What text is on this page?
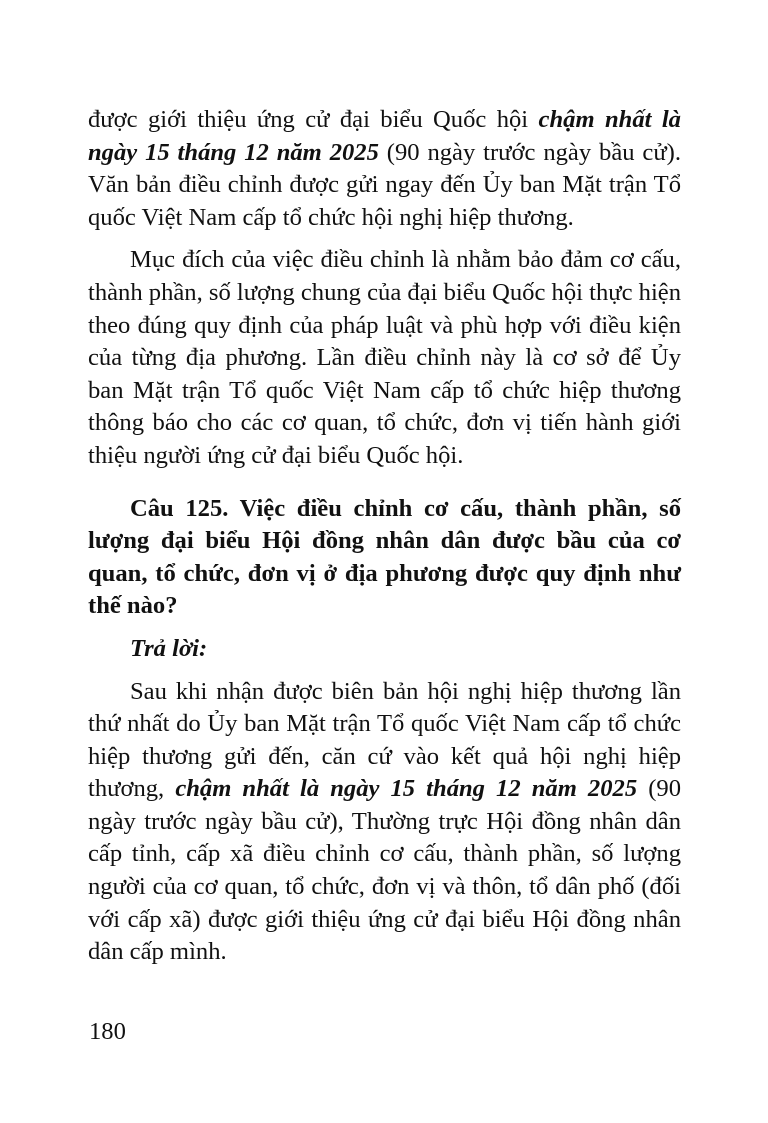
được giới thiệu ứng cử đại biểu Quốc hội chậm nhất là ngày 15 tháng 12 năm 2025 (90 ngày trước ngày bầu cử). Văn bản điều chỉnh được gửi ngay đến Ủy ban Mặt trận Tổ quốc Việt Nam cấp tổ chức hội nghị hiệp thương.

Mục đích của việc điều chỉnh là nhằm bảo đảm cơ cấu, thành phần, số lượng chung của đại biểu Quốc hội thực hiện theo đúng quy định của pháp luật và phù hợp với điều kiện của từng địa phương. Lần điều chỉnh này là cơ sở để Ủy ban Mặt trận Tổ quốc Việt Nam cấp tổ chức hiệp thương thông báo cho các cơ quan, tổ chức, đơn vị tiến hành giới thiệu người ứng cử đại biểu Quốc hội.

Câu 125. Việc điều chỉnh cơ cấu, thành phần, số lượng đại biểu Hội đồng nhân dân được bầu của cơ quan, tổ chức, đơn vị ở địa phương được quy định như thế nào?

Trả lời:

Sau khi nhận được biên bản hội nghị hiệp thương lần thứ nhất do Ủy ban Mặt trận Tổ quốc Việt Nam cấp tổ chức hiệp thương gửi đến, căn cứ vào kết quả hội nghị hiệp thương, chậm nhất là ngày 15 tháng 12 năm 2025 (90 ngày trước ngày bầu cử), Thường trực Hội đồng nhân dân cấp tỉnh, cấp xã điều chỉnh cơ cấu, thành phần, số lượng người của cơ quan, tổ chức, đơn vị và thôn, tổ dân phố (đối với cấp xã) được giới thiệu ứng cử đại biểu Hội đồng nhân dân cấp mình.

180
